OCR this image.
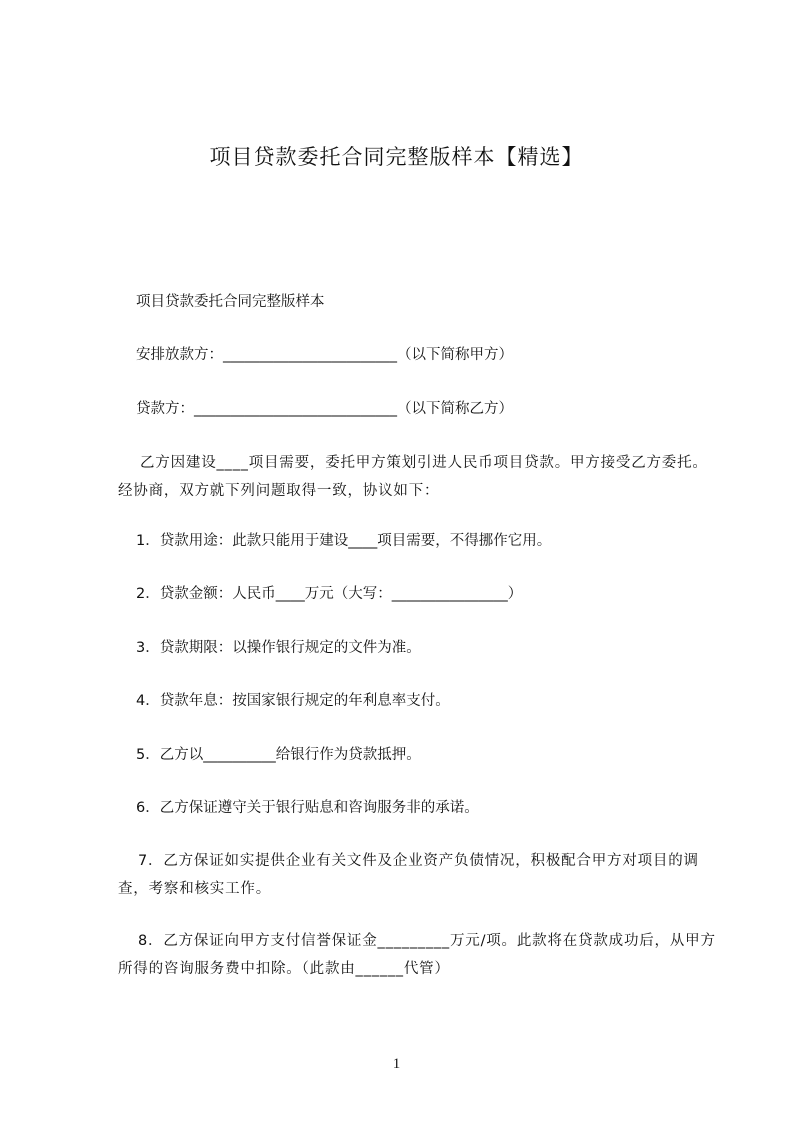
项目贷款委托合同完整版样本【精选】
项目贷款委托合同完整版样本
安排放款方：________________________（以下简称甲方）
贷款方：____________________________（以下简称乙方）
乙方因建设____项目需要，委托甲方策划引进人民币项目贷款。甲方接受乙方委托。经协商，双方就下列问题取得一致，协议如下：
1．贷款用途：此款只能用于建设____项目需要，不得挪作它用。
2．贷款金额：人民币____万元（大写：________________）
3．贷款期限：以操作银行规定的文件为准。
4．贷款年息：按国家银行规定的年利息率支付。
5．乙方以__________给银行作为贷款抵押。
6．乙方保证遵守关于银行贴息和咨询服务非的承诺。
7．乙方保证如实提供企业有关文件及企业资产负债情况，积极配合甲方对项目的调查，考察和核实工作。
8．乙方保证向甲方支付信誉保证金_________万元/项。此款将在贷款成功后，从甲方所得的咨询服务费中扣除。（此款由______代管）
1
